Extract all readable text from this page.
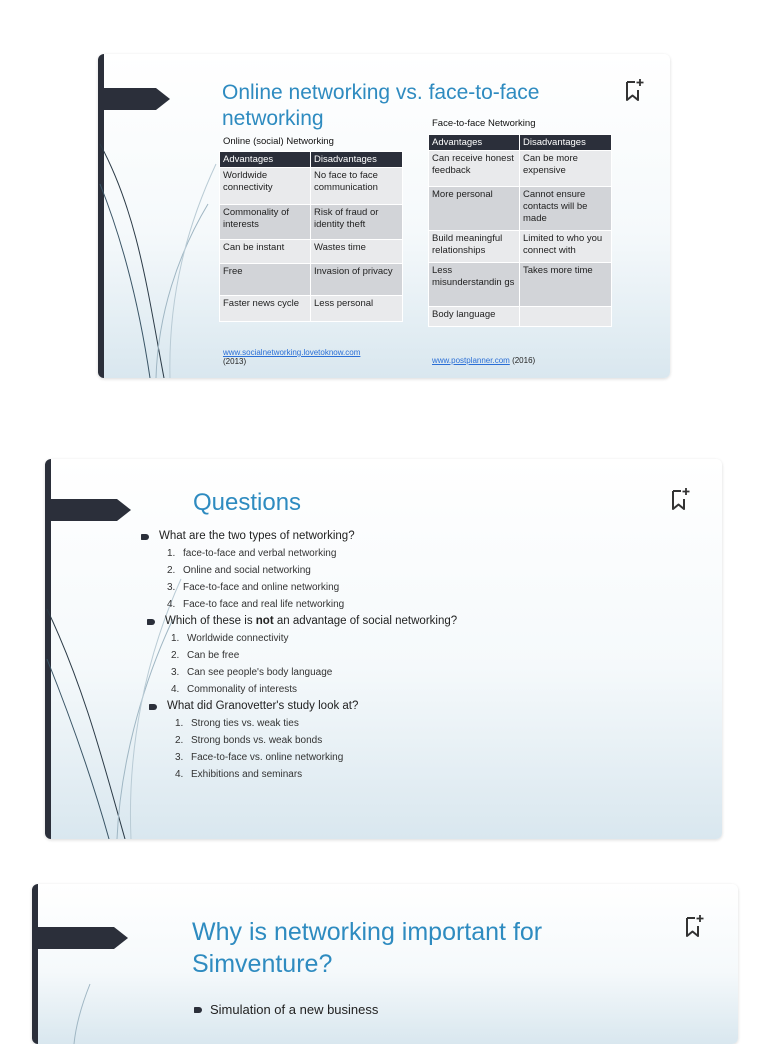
Online networking vs. face-to-face networking
Online (social) Networking
Advantages	Disadvantages
Worldwide connectivity	No face to face communication
Commonality of interests	Risk of fraud or identity theft
Can be instant	Wastes time
Free	Invasion of privacy
Faster news cycle	Less personal
www.socialnetworking.lovetoknow.com
(2013)
Face-to-face Networking
Advantages	Disadvantages
Can receive honest feedback	Can be more expensive
More personal	Cannot ensure contacts will be made
Build meaningful relationships	Limited to who you connect with
Less misunderstandin gs	Takes more time
Body language	
www.postplanner.com (2016)
Questions
What are the two types of networking?
1. face-to-face and verbal networking
2. Online and social networking
3. Face-to-face and online networking
4. Face-to face and real life networking
Which of these is not an advantage of social networking?
1. Worldwide connectivity
2. Can be free
3. Can see people's body language
4. Commonality of interests
What did Granovetter's study look at?
1. Strong ties vs. weak ties
2. Strong bonds vs. weak bonds
3. Face-to-face vs. online networking
4. Exhibitions and seminars
Why is networking important for Simventure?
Simulation of a new business
